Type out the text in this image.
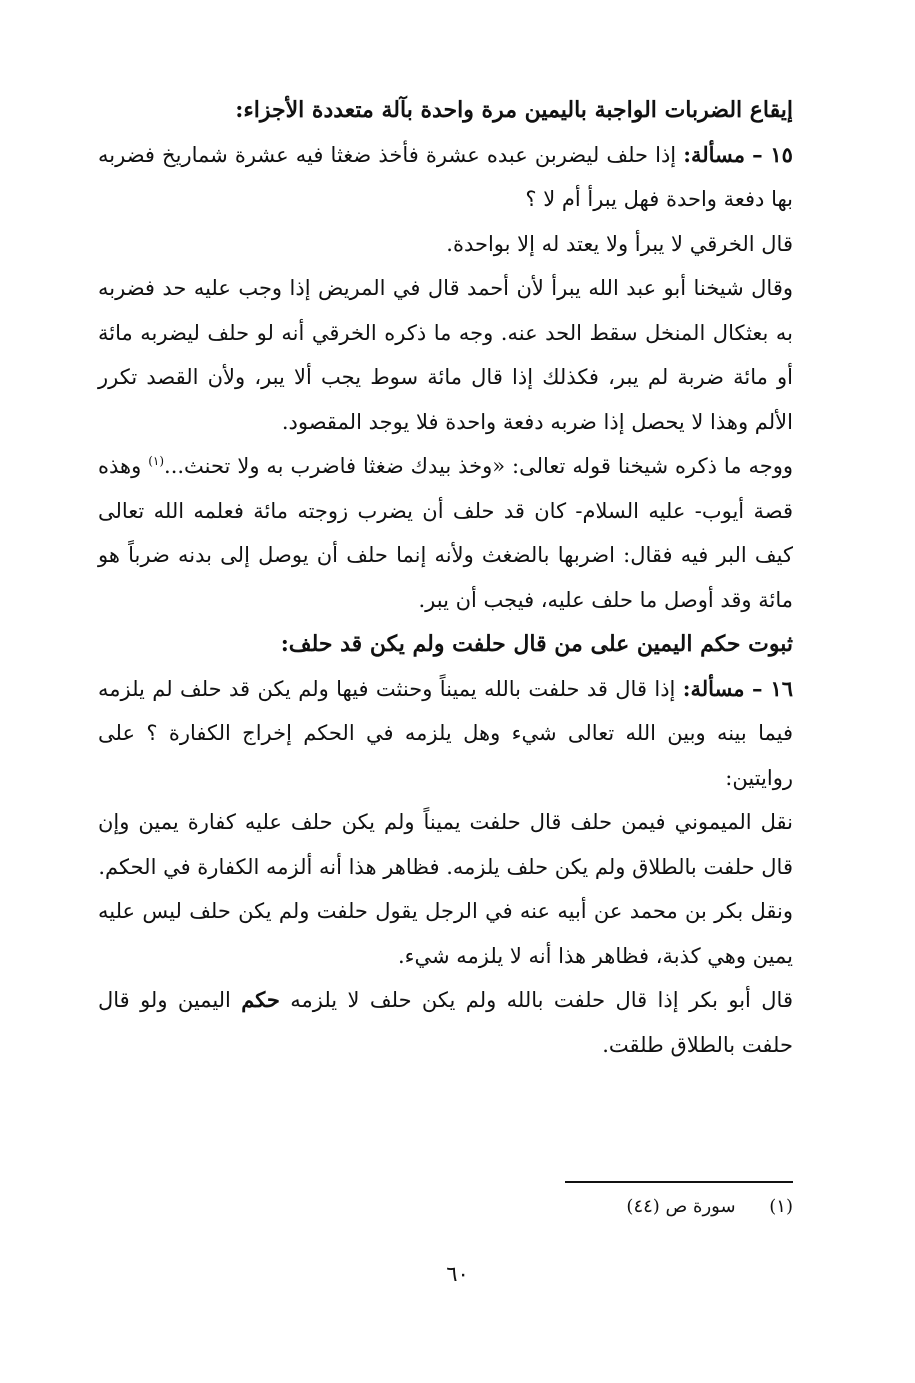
إيقاع الضربات الواجبة باليمين مرة واحدة بآلة متعددة الأجزاء:

١٥ – مسألة: إذا حلف ليضربن عبده عشرة فأخذ ضغثا فيه عشرة شماريخ فضربه بها دفعة واحدة فهل يبرأ أم لا ؟

قال الخرقي لا يبرأ ولا يعتد له إلا بواحدة.

وقال شيخنا أبو عبد الله يبرأ لأن أحمد قال في المريض إذا وجب عليه حد فضربه به بعثكال المنخل سقط الحد عنه. وجه ما ذكره الخرقي أنه لو حلف ليضربه مائة أو مائة ضربة لم يبر، فكذلك إذا قال مائة سوط يجب ألا يبر، ولأن القصد تكرر الألم وهذا لا يحصل إذا ضربه دفعة واحدة فلا يوجد المقصود.

ووجه ما ذكره شيخنا قوله تعالى: «وخذ بيدك ضغثا فاضرب به ولا تحنث...$^{(١)}$ وهذه قصة أيوب- عليه السلام- كان قد حلف أن يضرب زوجته مائة فعلمه الله تعالى كيف البر فيه فقال: اضربها بالضغث ولأنه إنما حلف أن يوصل إلى بدنه ضرباً هو مائة وقد أوصل ما حلف عليه، فيجب أن يبر.

ثبوت حكم اليمين على من قال حلفت ولم يكن قد حلف:

١٦ – مسألة: إذا قال قد حلفت بالله يميناً وحنثت فيها ولم يكن قد حلف لم يلزمه فيما بينه وبين الله تعالى شيء وهل يلزمه في الحكم إخراج الكفارة ؟ على روايتين:

نقل الميموني فيمن حلف قال حلفت يميناً ولم يكن حلف عليه كفارة يمين وإن قال حلفت بالطلاق ولم يكن حلف يلزمه. فظاهر هذا أنه ألزمه الكفارة في الحكم.

ونقل بكر بن محمد عن أبيه عنه في الرجل يقول حلفت ولم يكن حلف ليس عليه يمين وهي كذبة، فظاهر هذا أنه لا يلزمه شيء.

قال أبو بكر إذا قال حلفت بالله ولم يكن حلف لا يلزمه حكم اليمين ولو قال حلفت بالطلاق طلقت.

(١) سورة ص (٤٤)
٦٠
